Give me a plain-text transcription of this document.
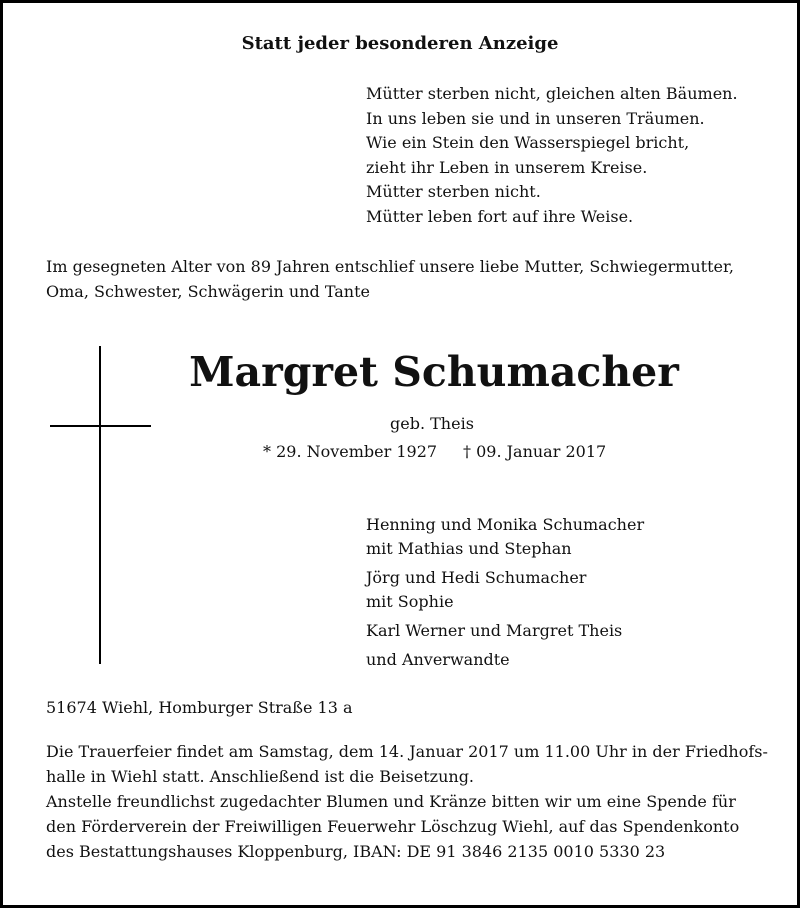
Statt jeder besonderen Anzeige
Mütter sterben nicht, gleichen alten Bäumen.
In uns leben sie und in unseren Träumen.
Wie ein Stein den Wasserspiegel bricht,
zieht ihr Leben in unserem Kreise.
Mütter sterben nicht.
Mütter leben fort auf ihre Weise.
Im gesegneten Alter von 89 Jahren entschlief unsere liebe Mutter, Schwiegermutter,
Oma, Schwester, Schwägerin und Tante
Margret Schumacher
geb. Theis
* 29. November 1927 † 09. Januar 2017
Henning und Monika Schumacher
mit Mathias und Stephan
Jörg und Hedi Schumacher
mit Sophie
Karl Werner und Margret Theis
und Anverwandte
51674 Wiehl, Homburger Straße 13 a
Die Trauerfeier findet am Samstag, dem 14. Januar 2017 um 11.00 Uhr in der Friedhofs-
halle in Wiehl statt. Anschließend ist die Beisetzung.
Anstelle freundlichst zugedachter Blumen und Kränze bitten wir um eine Spende für
den Förderverein der Freiwilligen Feuerwehr Löschzug Wiehl, auf das Spendenkonto
des Bestattungshauses Kloppenburg, IBAN: DE 91 3846 2135 0010 5330 23
